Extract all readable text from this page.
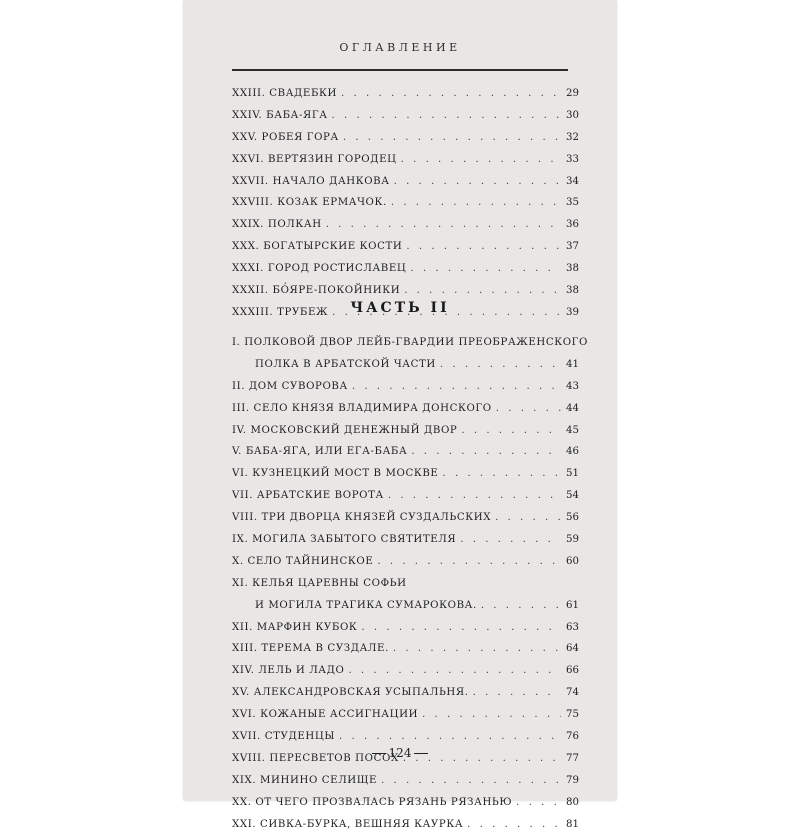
ОГЛАВЛЕНИЕ
XXIII. СВАДЕБКИ . . .	29
XXIV. БАБА-ЯГА . . .	30
XXV. РОБЕЯ ГОРА . . .	32
XXVI. ВЕРТЯЗИН ГОРОДЕЦ . . .	33
XXVII. НАЧАЛО ДАНКОВА . . .	34
XXVIII. КОЗАК ЕРМАЧОК. . . .	35
XXIX. ПОЛКАН . . .	36
XXX. БОГАТЫРСКИЕ КОСТИ . . .	37
XXXI. ГОРОД РОСТИСЛАВЕЦ . . .	38
XXXII. БО́ЯРЕ-ПОКОЙНИКИ . . .	38
XXXIII. ТРУБЕЖ . . .	39
ЧАСТЬ II
I. ПОЛКОВОЙ ДВОР ЛЕЙБ-ГВАРДИИ ПРЕОБРАЖЕНСКОГО
ПОЛКА В АРБАТСКОЙ ЧАСТИ . . .	41
II. ДОМ СУВОРОВА . . .	43
III. СЕЛО КНЯЗЯ ВЛАДИМИРА ДОНСКОГО . . .	44
IV. МОСКОВСКИЙ ДЕНЕЖНЫЙ ДВОР . . .	45
V. БАБА-ЯГА, ИЛИ ЕГА-БАБА . . .	46
VI. КУЗНЕЦКИЙ МОСТ В МОСКВЕ . . .	51
VII. АРБАТСКИЕ ВОРОТА . . .	54
VIII. ТРИ ДВОРЦА КНЯЗЕЙ СУЗДАЛЬСКИХ . . .	56
IX. МОГИЛА ЗАБЫТОГО СВЯТИТЕЛЯ . . .	59
X. СЕЛО ТАЙНИНСКОЕ . . .	60
XI. КЕЛЬЯ ЦАРЕВНЫ СОФЬИ
И МОГИЛА ТРАГИКА СУМАРОКОВА. . . .	61
XII. МАРФИН КУБОК . . .	63
XIII. ТЕРЕМА В СУЗДАЛЕ. . . .	64
XIV. ЛЕЛЬ И ЛАДО . . .	66
XV. АЛЕКСАНДРОВСКАЯ УСЫПАЛЬНЯ. . . .	74
XVI. КОЖАНЫЕ АССИГНАЦИИ . . .	75
XVII. СТУДЕНЦЫ . . .	76
XVIII. ПЕРЕСВЕТОВ ПОСОХ . . .	77
XIX. МИНИНО СЕЛИЩЕ . . .	79
XX. ОТ ЧЕГО ПРОЗВАЛАСЬ РЯЗАНЬ РЯЗАНЬЮ . . .	80
XXI. СИВКА-БУРКА, ВЕШНЯЯ КАУРКА . . .	81
124
